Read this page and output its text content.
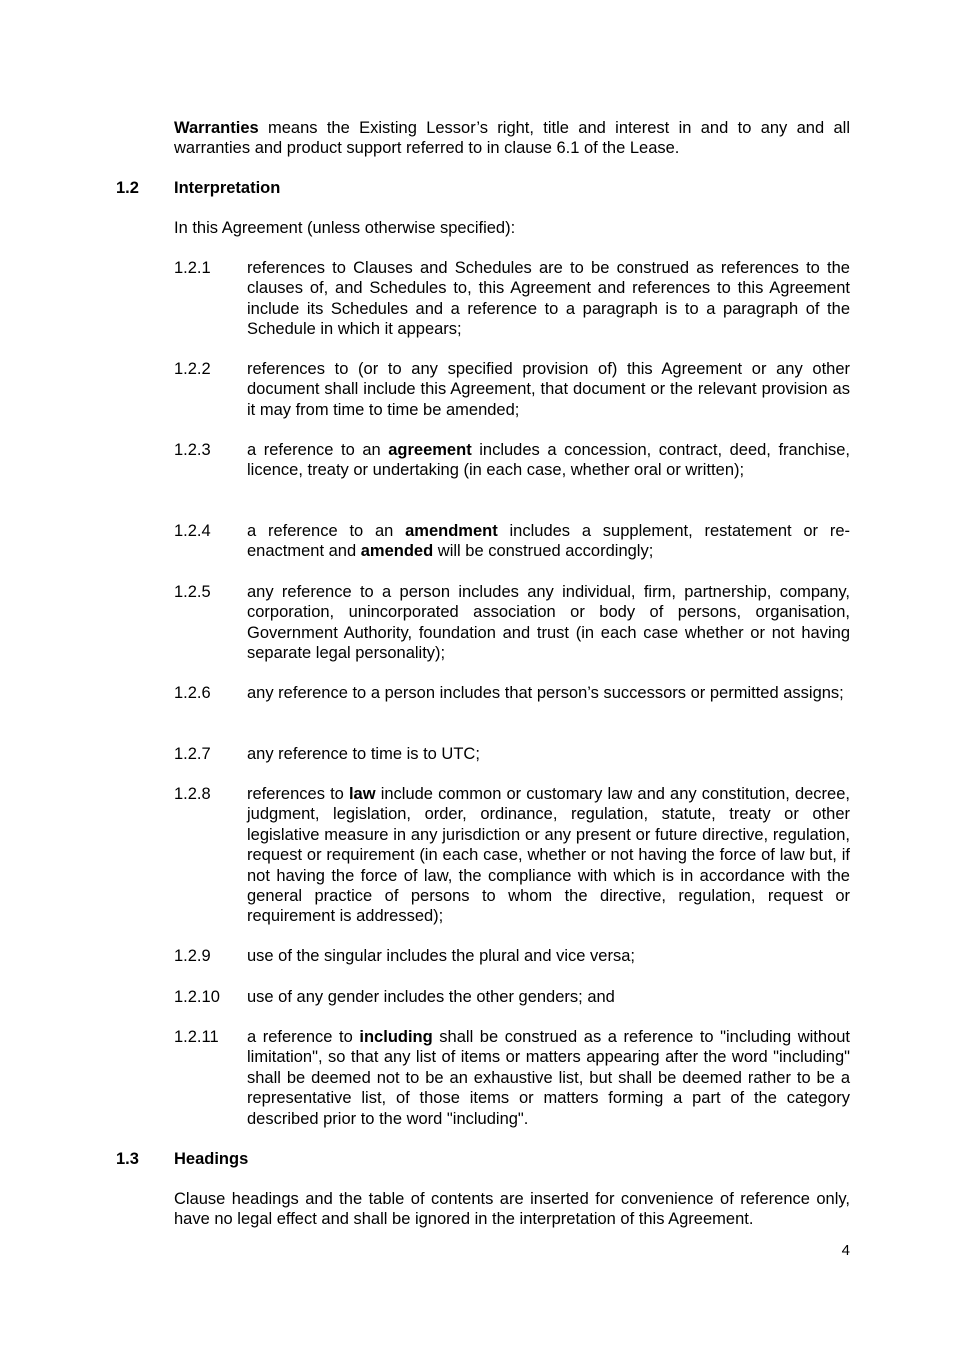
Warranties means the Existing Lessor’s right, title and interest in and to any and all warranties and product support referred to in clause 6.1 of the Lease.
1.2 Interpretation
In this Agreement (unless otherwise specified):
1.2.1 references to Clauses and Schedules are to be construed as references to the clauses of, and Schedules to, this Agreement and references to this Agreement include its Schedules and a reference to a paragraph is to a paragraph of the Schedule in which it appears;
1.2.2 references to (or to any specified provision of) this Agreement or any other document shall include this Agreement, that document or the relevant provision as it may from time to time be amended;
1.2.3 a reference to an agreement includes a concession, contract, deed, franchise, licence, treaty or undertaking (in each case, whether oral or written);
1.2.4 a reference to an amendment includes a supplement, restatement or re-enactment and amended will be construed accordingly;
1.2.5 any reference to a person includes any individual, firm, partnership, company, corporation, unincorporated association or body of persons, organisation, Government Authority, foundation and trust (in each case whether or not having separate legal personality);
1.2.6 any reference to a person includes that person’s successors or permitted assigns;
1.2.7 any reference to time is to UTC;
1.2.8 references to law include common or customary law and any constitution, decree, judgment, legislation, order, ordinance, regulation, statute, treaty or other legislative measure in any jurisdiction or any present or future directive, regulation, request or requirement (in each case, whether or not having the force of law but, if not having the force of law, the compliance with which is in accordance with the general practice of persons to whom the directive, regulation, request or requirement is addressed);
1.2.9 use of the singular includes the plural and vice versa;
1.2.10 use of any gender includes the other genders; and
1.2.11 a reference to including shall be construed as a reference to "including without limitation", so that any list of items or matters appearing after the word "including" shall be deemed not to be an exhaustive list, but shall be deemed rather to be a representative list, of those items or matters forming a part of the category described prior to the word "including".
1.3 Headings
Clause headings and the table of contents are inserted for convenience of reference only, have no legal effect and shall be ignored in the interpretation of this Agreement.
4
